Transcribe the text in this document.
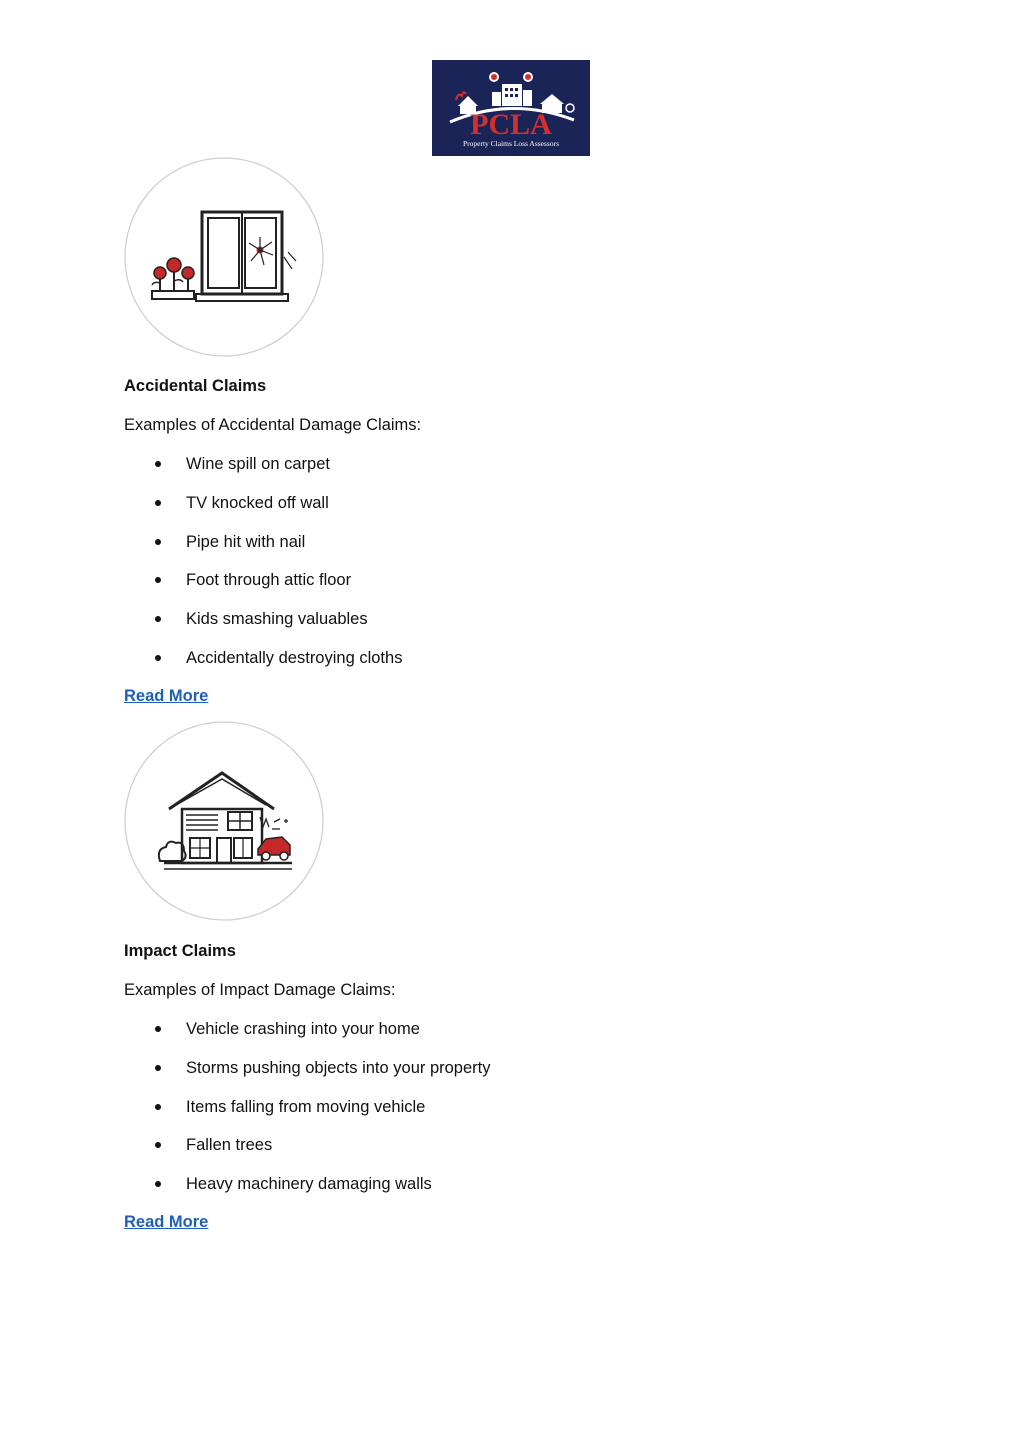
PCLA
Property Claims Loss Assessors
Accidental Claims
Examples of Accidental Damage Claims:
Wine spill on carpet
TV knocked off wall
Pipe hit with nail
Foot through attic floor
Kids smashing valuables
Accidentally destroying cloths
Read More
Impact Claims
Examples of Impact Damage Claims:
Vehicle crashing into your home
Storms pushing objects into your property
Items falling from moving vehicle
Fallen trees
Heavy machinery damaging walls
Read More
